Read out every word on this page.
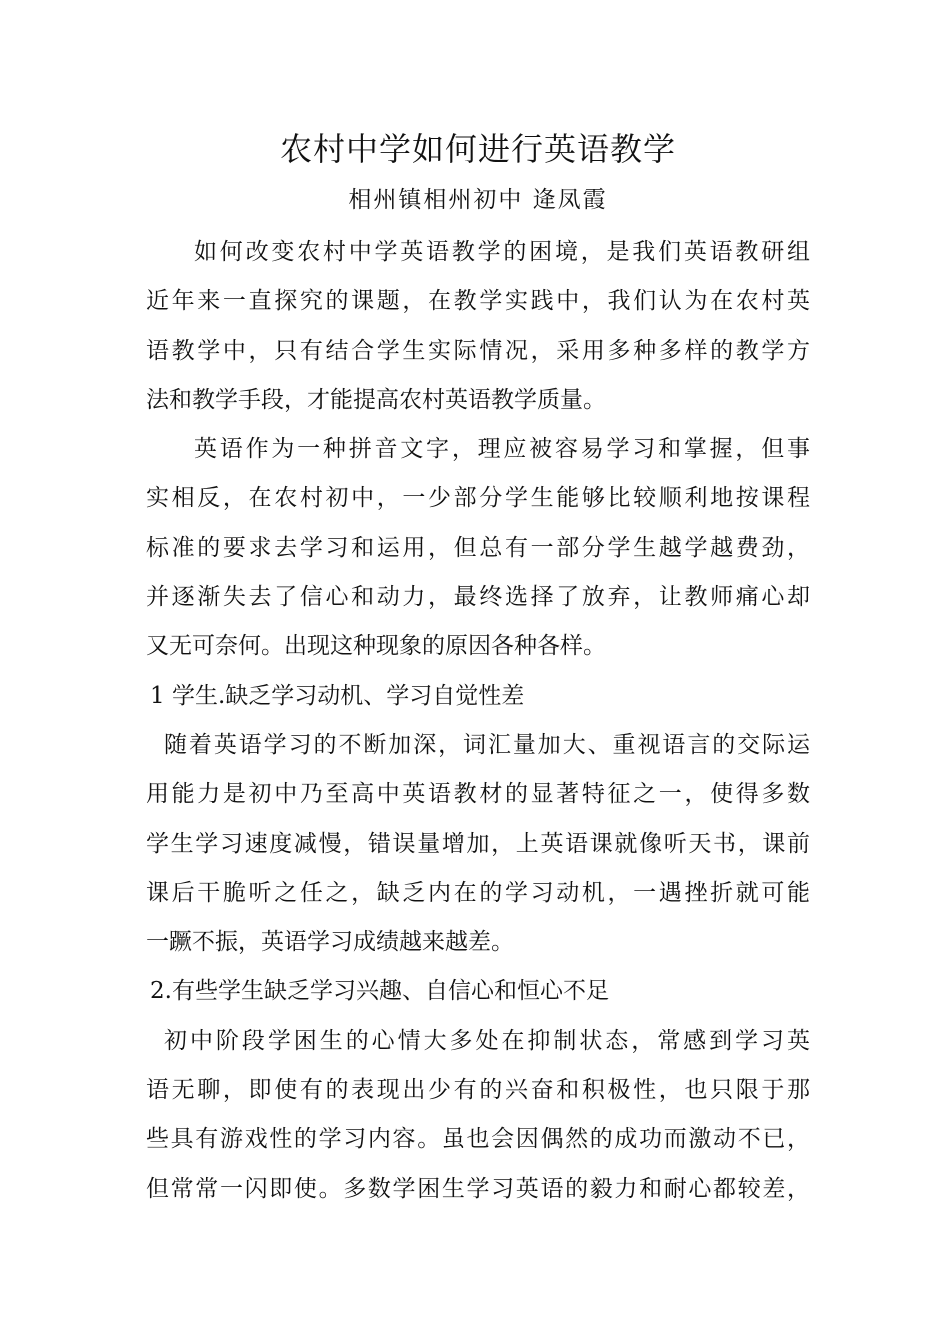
农村中学如何进行英语教学
相州镇相州初中 逄凤霞
如何改变农村中学英语教学的困境，是我们英语教研组
近年来一直探究的课题，在教学实践中，我们认为在农村英
语教学中，只有结合学生实际情况，采用多种多样的教学方
法和教学手段，才能提高农村英语教学质量。
英语作为一种拼音文字，理应被容易学习和掌握，但事
实相反，在农村初中，一少部分学生能够比较顺利地按课程
标准的要求去学习和运用，但总有一部分学生越学越费劲，
并逐渐失去了信心和动力，最终选择了放弃，让教师痛心却
又无可奈何。出现这种现象的原因各种各样。
1 学生.缺乏学习动机、学习自觉性差
随着英语学习的不断加深，词汇量加大、重视语言的交际运
用能力是初中乃至高中英语教材的显著特征之一，使得多数
学生学习速度减慢，错误量增加，上英语课就像听天书，课前
课后干脆听之任之，缺乏内在的学习动机，一遇挫折就可能
一蹶不振，英语学习成绩越来越差。
2.有些学生缺乏学习兴趣、自信心和恒心不足
初中阶段学困生的心情大多处在抑制状态，常感到学习英
语无聊，即使有的表现出少有的兴奋和积极性，也只限于那
些具有游戏性的学习内容。虽也会因偶然的成功而激动不已，
但常常一闪即使。多数学困生学习英语的毅力和耐心都较差，
